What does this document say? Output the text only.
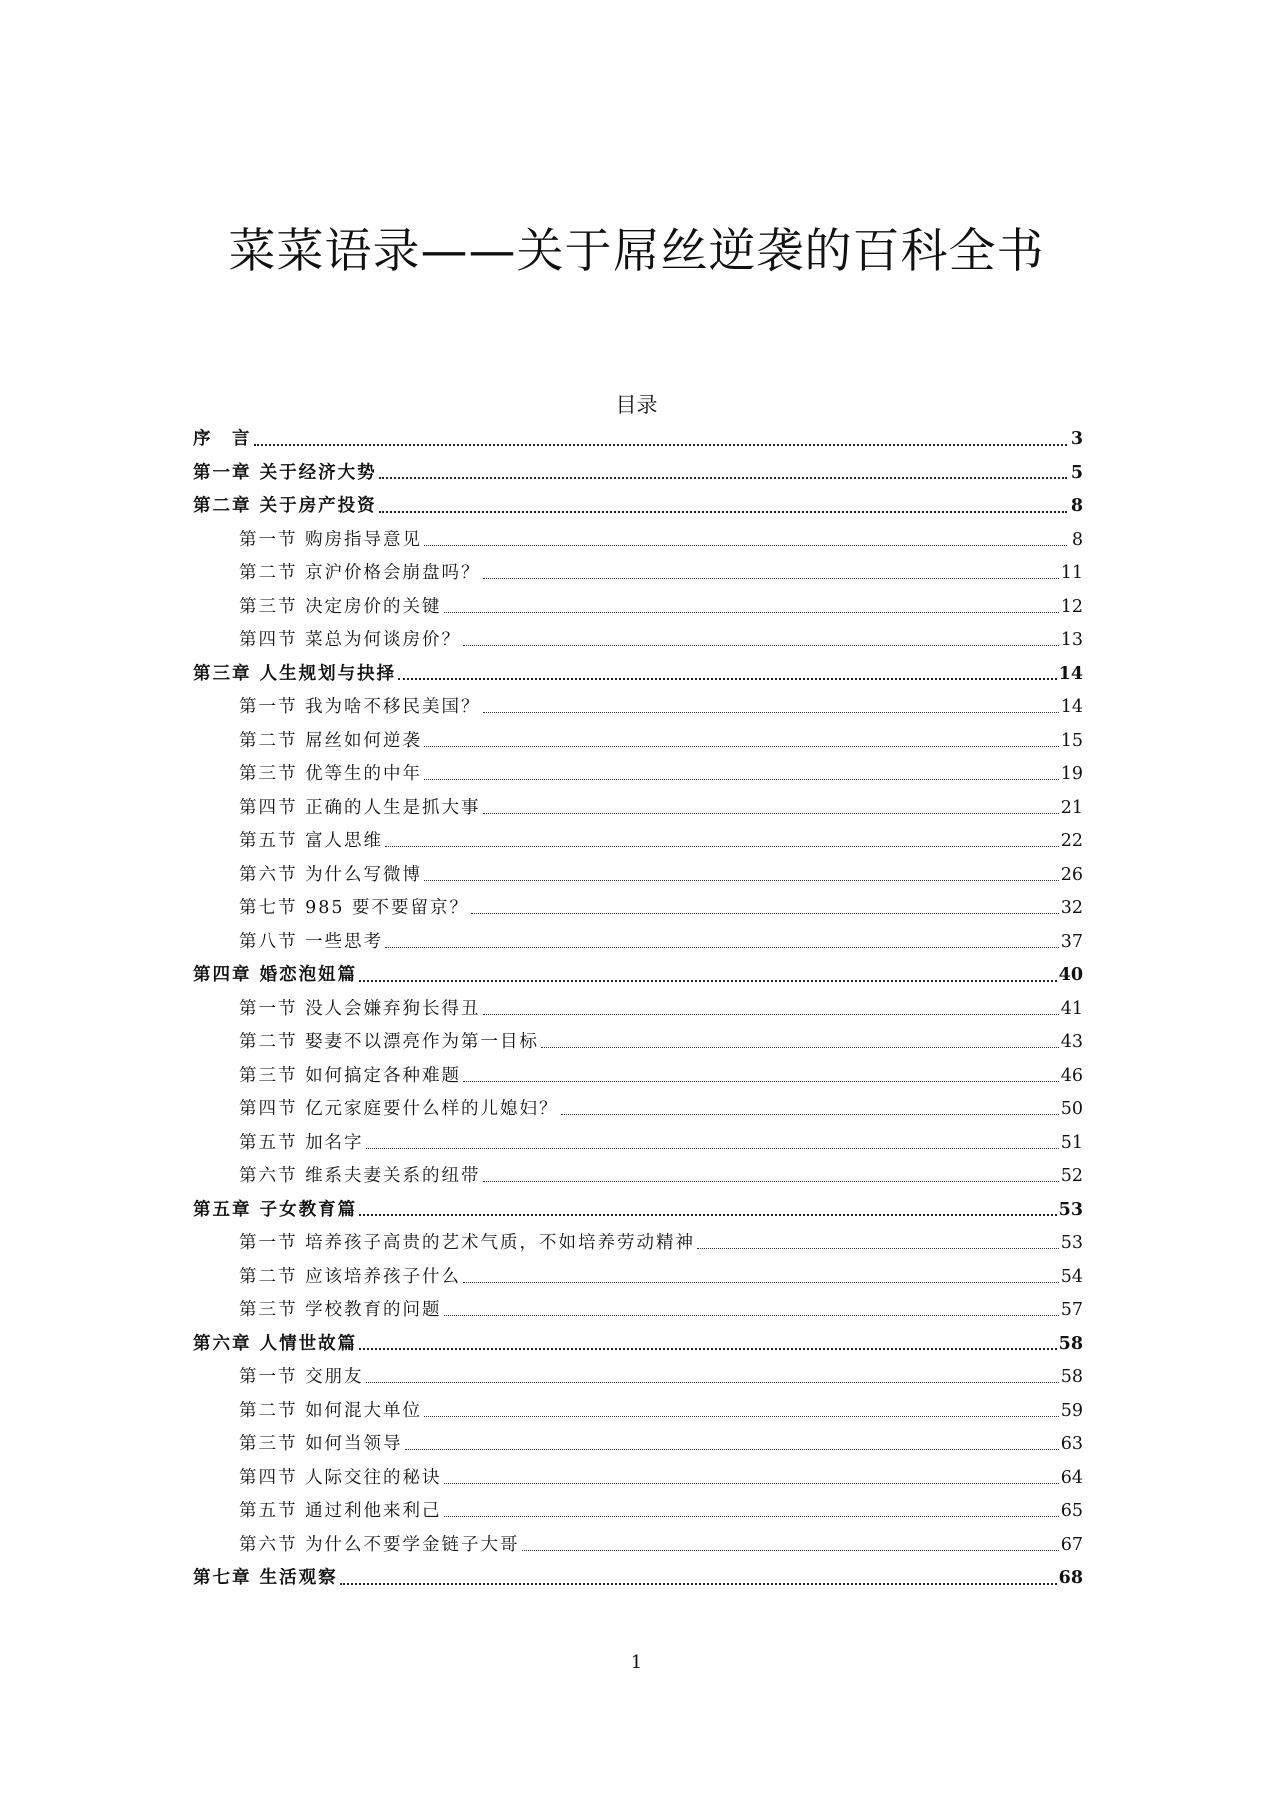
菜菜语录——关于屌丝逆袭的百科全书
目录
序　言	3
第一章 关于经济大势	5
第二章 关于房产投资	8
第一节 购房指导意见	8
第二节 京沪价格会崩盘吗？	11
第三节 决定房价的关键	12
第四节 菜总为何谈房价？	13
第三章 人生规划与抉择	14
第一节 我为啥不移民美国？	14
第二节 屌丝如何逆袭	15
第三节 优等生的中年	19
第四节 正确的人生是抓大事	21
第五节 富人思维	22
第六节 为什么写微博	26
第七节 985 要不要留京？	32
第八节 一些思考	37
第四章 婚恋泡妞篇	40
第一节 没人会嫌弃狗长得丑	41
第二节 娶妻不以漂亮作为第一目标	43
第三节 如何搞定各种难题	46
第四节 亿元家庭要什么样的儿媳妇？	50
第五节 加名字	51
第六节 维系夫妻关系的纽带	52
第五章 子女教育篇	53
第一节 培养孩子高贵的艺术气质，不如培养劳动精神	53
第二节 应该培养孩子什么	54
第三节 学校教育的问题	57
第六章 人情世故篇	58
第一节 交朋友	58
第二节 如何混大单位	59
第三节 如何当领导	63
第四节 人际交往的秘诀	64
第五节 通过利他来利己	65
第六节 为什么不要学金链子大哥	67
第七章 生活观察	68
1
